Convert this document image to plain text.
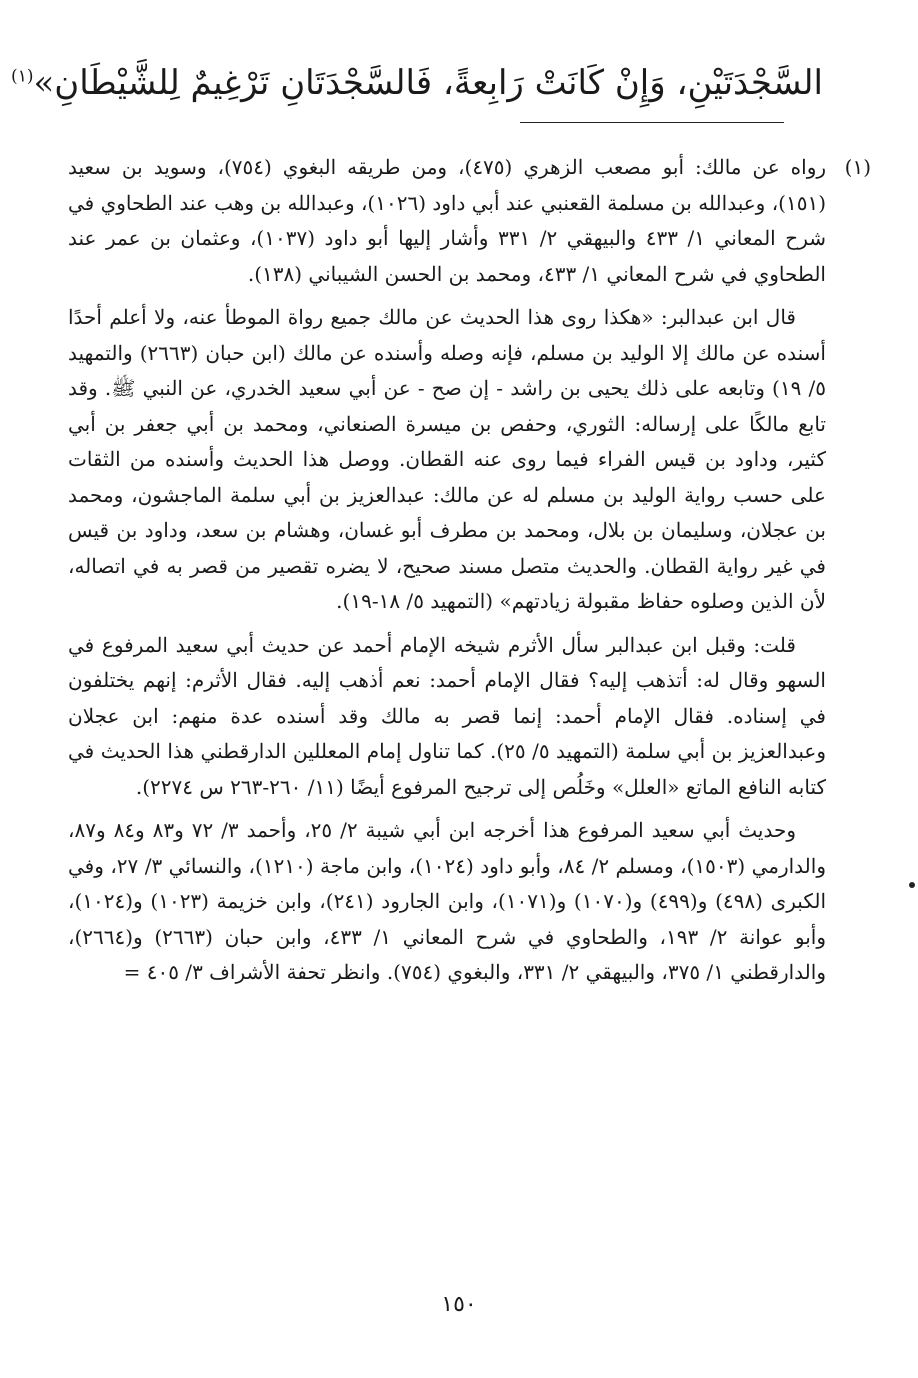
السَّجْدَتَيْنِ، وَإِنْ كَانَتْ رَابِعةً، فَالسَّجْدَتَانِ تَرْغِيمٌ لِلشَّيْطَانِ»$^{(١)}$
(١)

رواه عن مالك: أبو مصعب الزهري (٤٧٥)، ومن طريقه البغوي (٧٥٤)، وسويد بن سعيد (١٥١)، وعبدالله بن مسلمة القعنبي عند أبي داود (١٠٢٦)، وعبدالله بن وهب عند الطحاوي في شرح المعاني ١/ ٤٣٣ والبيهقي ٢/ ٣٣١ وأشار إليها أبو داود (١٠٣٧)، وعثمان بن عمر عند الطحاوي في شرح المعاني ١/ ٤٣٣، ومحمد بن الحسن الشيباني (١٣٨).

قال ابن عبدالبر: «هكذا روى هذا الحديث عن مالك جميع رواة الموطأ عنه، ولا أعلم أحدًا أسنده عن مالك إلا الوليد بن مسلم، فإنه وصله وأسنده عن مالك (ابن حبان (٢٦٦٣) والتمهيد ٥/ ١٩) وتابعه على ذلك يحيى بن راشد - إن صح - عن أبي سعيد الخدري، عن النبي ﷺ. وقد تابع مالكًا على إرساله: الثوري، وحفص بن ميسرة الصنعاني، ومحمد بن أبي جعفر بن أبي كثير، وداود بن قيس الفراء فيما روى عنه القطان. ووصل هذا الحديث وأسنده من الثقات على حسب رواية الوليد بن مسلم له عن مالك: عبدالعزيز بن أبي سلمة الماجشون، ومحمد بن عجلان، وسليمان بن بلال، ومحمد بن مطرف أبو غسان، وهشام بن سعد، وداود بن قيس في غير رواية القطان. والحديث متصل مسند صحيح، لا يضره تقصير من قصر به في اتصاله، لأن الذين وصلوه حفاظ مقبولة زيادتهم» (التمهيد ٥/ ١٨-١٩).

قلت: وقبل ابن عبدالبر سأل الأثرم شيخه الإمام أحمد عن حديث أبي سعيد المرفوع في السهو وقال له: أتذهب إليه؟ فقال الإمام أحمد: نعم أذهب إليه. فقال الأثرم: إنهم يختلفون في إسناده. فقال الإمام أحمد: إنما قصر به مالك وقد أسنده عدة منهم: ابن عجلان وعبدالعزيز بن أبي سلمة (التمهيد ٥/ ٢٥). كما تناول إمام المعللين الدارقطني هذا الحديث في كتابه النافع الماتع «العلل» وخَلُص إلى ترجيح المرفوع أيضًا (١١/ ٢٦٠-٢٦٣ س ٢٢٧٤).

وحديث أبي سعيد المرفوع هذا أخرجه ابن أبي شيبة ٢/ ٢٥، وأحمد ٣/ ٧٢ و٨٣ و٨٤ و٨٧، والدارمي (١٥٠٣)، ومسلم ٢/ ٨٤، وأبو داود (١٠٢٤)، وابن ماجة (١٢١٠)، والنسائي ٣/ ٢٧، وفي الكبرى (٤٩٨) و(٤٩٩) و(١٠٧٠) و(١٠٧١)، وابن الجارود (٢٤١)، وابن خزيمة (١٠٢٣) و(١٠٢٤)، وأبو عوانة ٢/ ١٩٣، والطحاوي في شرح المعاني ١/ ٤٣٣، وابن حبان (٢٦٦٣) و(٢٦٦٤)، والدارقطني ١/ ٣٧٥، والبيهقي ٢/ ٣٣١، والبغوي (٧٥٤). وانظر تحفة الأشراف ٣/ ٤٠٥ =

١٥٠
